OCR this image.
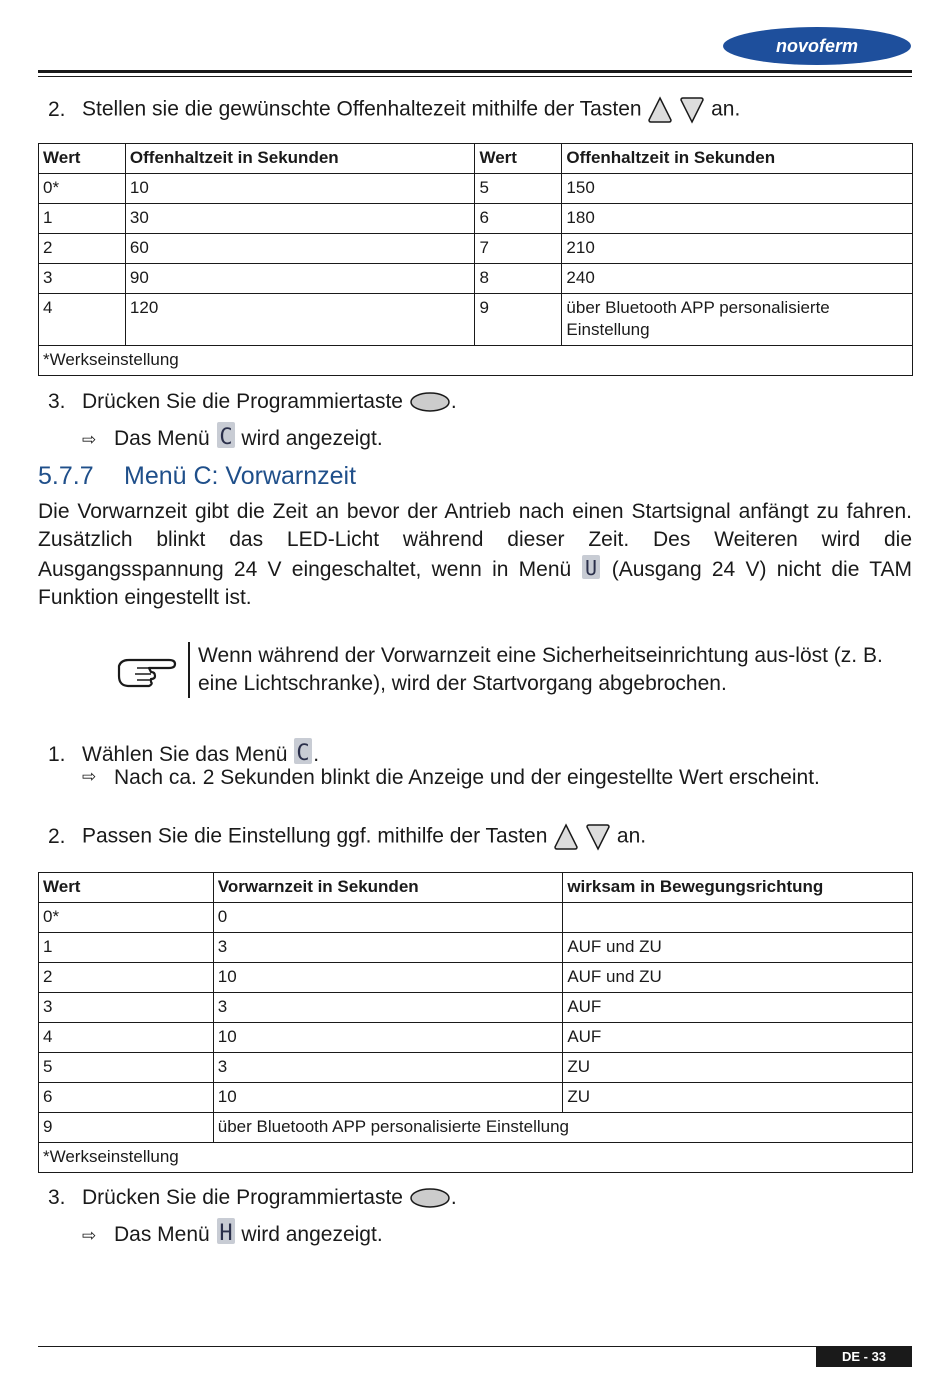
novoferm
2. Stellen sie die gewünschte Offenhaltezeit mithilfe der Tasten	an.
Wert	Offenhaltzeit in Sekunden	Wert	Offenhaltzeit in Sekunden
0*	10	5	150
1	30	6	180
2	60	7	210
3	90	8	240
4	120	9	über Bluetooth APP personalisierte Einstellung
*Werkseinstellung			
3. Drücken Sie die Programmiertaste .
⇨ Das Menü C wird angezeigt.
5.7.7 Menü C: Vorwarnzeit
Die Vorwarnzeit gibt die Zeit an bevor der Antrieb nach einen Startsignal anfängt zu fahren. Zusätzlich blinkt das LED-Licht während dieser Zeit. Des Weiteren wird die Ausgangsspannung 24 V eingeschaltet, wenn in Menü U (Ausgang 24 V) nicht die TAM Funktion eingestellt ist.
Wenn während der Vorwarnzeit eine Sicherheitseinrichtung aus-löst (z. B. eine Lichtschranke), wird der Startvorgang abgebrochen.
1. Wählen Sie das Menü C .
⇨ Nach ca. 2 Sekunden blinkt die Anzeige und der eingestellte Wert erscheint.
2. Passen Sie die Einstellung ggf. mithilfe der Tasten	an.
Wert	Vorwarnzeit in Sekunden	wirksam in Bewegungsrichtung
0*	0	
1	3	AUF und ZU
2	10	AUF und ZU
3	3	AUF
4	10	AUF
5	3	ZU
6	10	ZU
9	über Bluetooth APP personalisierte Einstellung	
*Werkseinstellung		
3. Drücken Sie die Programmiertaste .
⇨ Das Menü H wird angezeigt.
DE - 33
